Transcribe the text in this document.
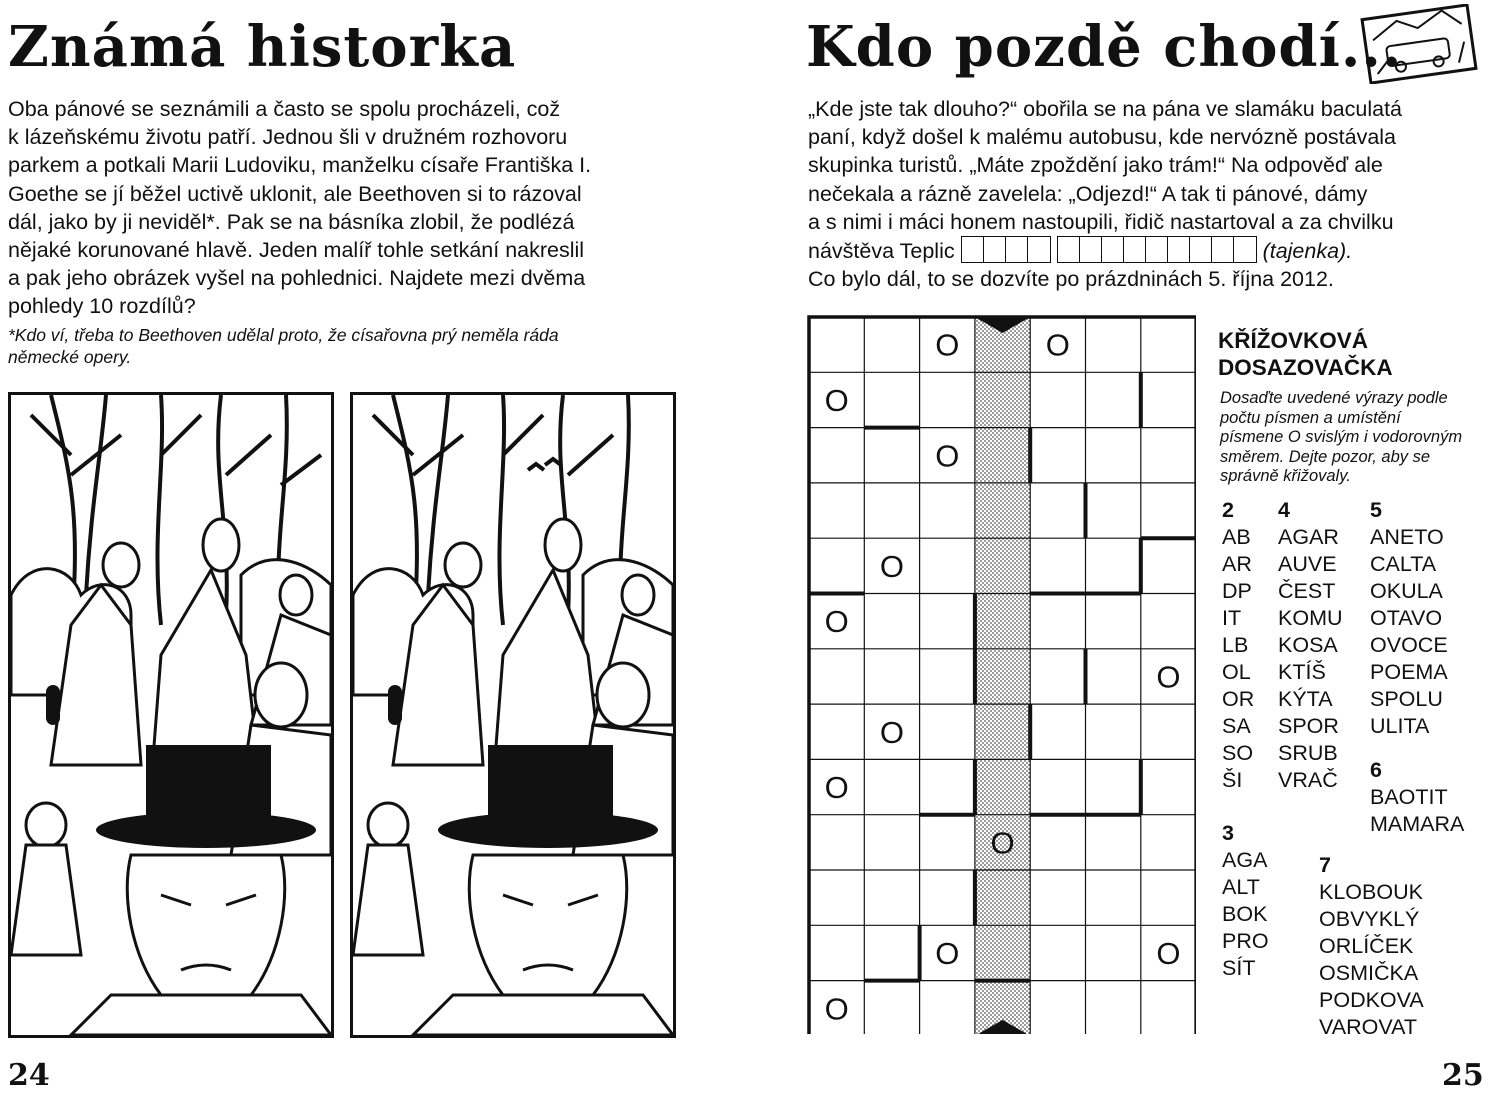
Známá historka
Oba pánové se seznámili a často se spolu procházeli, což
k lázeňskému životu patří. Jednou šli v družném rozhovoru
parkem a potkali Marii Ludoviku, manželku císaře Františka I.
Goethe se jí běžel uctivě uklonit, ale Beethoven si to rázoval
dál, jako by ji neviděl*. Pak se na básníka zlobil, že podlézá
nějaké korunované hlavě. Jeden malíř tohle setkání nakreslil
a pak jeho obrázek vyšel na pohlednici. Najdete mezi dvěma
pohledy 10 rozdílů?
*Kdo ví, třeba to Beethoven udělal proto, že císařovna prý neměla ráda
německé opery.
Kdo pozdě chodí...
„Kde jste tak dlouho?“ obořila se na pána ve slamáku baculatá
paní, když došel k malému autobusu, kde nervózně postávala
skupinka turistů. „Máte zpoždění jako trám!“ Na odpověď ale
nečekala a rázně zavelela: „Odjezd!“ A tak ti pánové, dámy
a s nimi i máci honem nastoupili, řidič nastartoval a za chvilku
návštěva Teplic	(tajenka).
Co bylo dál, to se dozvíte po prázdninách 5. října 2012.
O	O
O
O
O
O
O
O
O
O
O	O
O
KŘÍŽOVKOVÁ
DOSAZOVAČKA
Dosaďte uvedené výrazy podle
počtu písmen a umístění
písmene O svislým i vodorovným
směrem. Dejte pozor, aby se
správně křižovaly.
2
AB
AR
DP
IT
LB
OL
OR
SA
SO
ŠI
4
AGAR
AUVE
ČEST
KOMU
KOSA
KTÍŠ
KÝTA
SPOR
SRUB
VRAČ
5
ANETO
CALTA
OKULA
OTAVO
OVOCE
POEMA
SPOLU
ULITA
6
BAOTIT
MAMARA
3
AGA
ALT
BOK
PRO
SÍT
7
KLOBOUK
OBVYKLÝ
ORLÍČEK
OSMIČKA
PODKOVA
VAROVAT
24	25
